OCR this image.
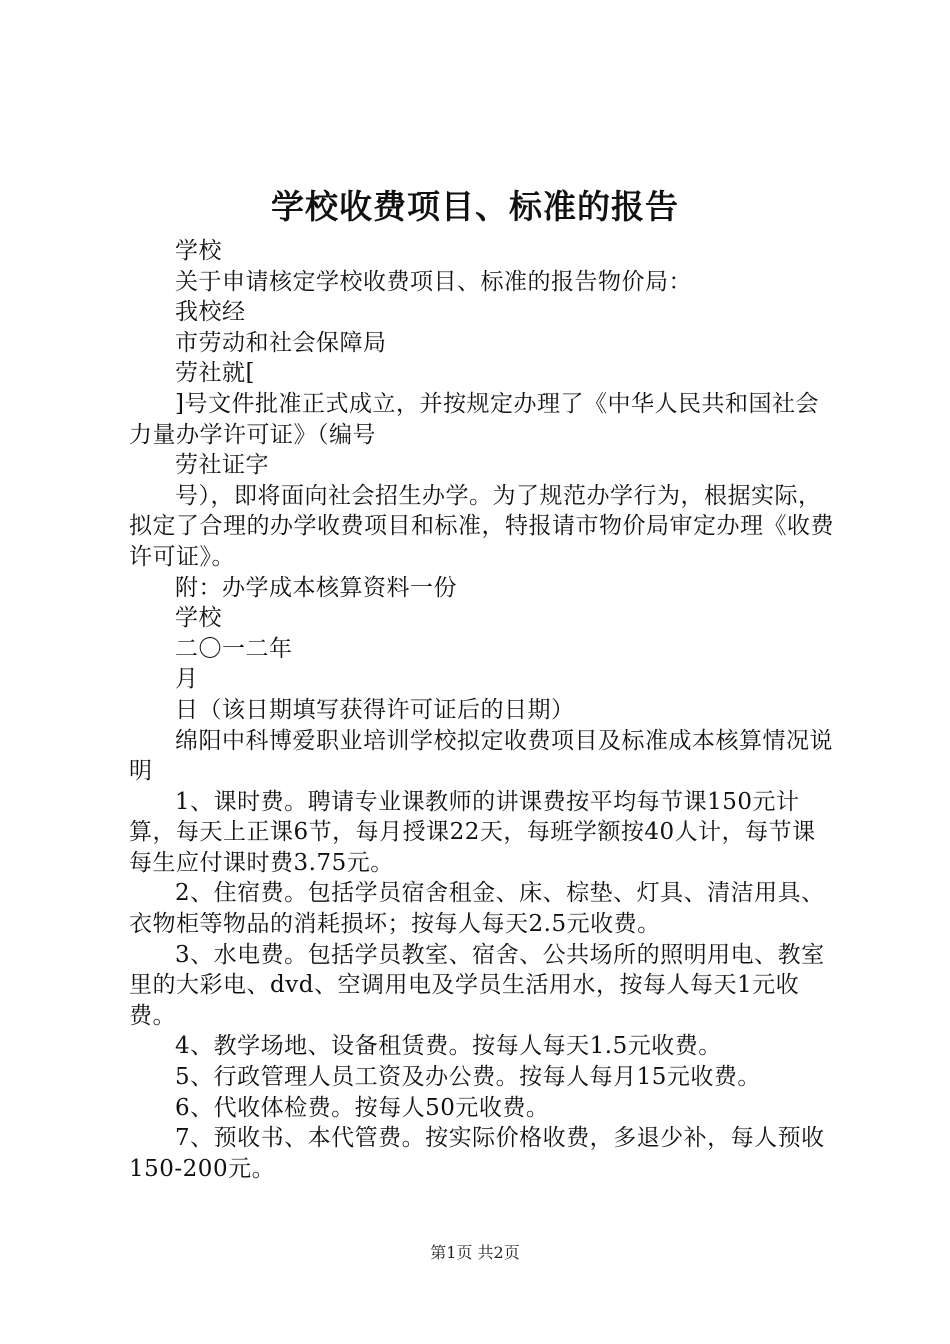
学校收费项目、标准的报告

学校

关于申请核定学校收费项目、标准的报告物价局：

我校经

市劳动和社会保障局

劳社就[

]号文件批准正式成立，并按规定办理了《中华人民共和国社会力量办学许可证》（编号

劳社证字

号），即将面向社会招生办学。为了规范办学行为，根据实际，拟定了合理的办学收费项目和标准，特报请市物价局审定办理《收费许可证》。

附：办学成本核算资料一份

学校

二〇一二年

月

日（该日期填写获得许可证后的日期）

绵阳中科博爱职业培训学校拟定收费项目及标准成本核算情况说明

1、课时费。聘请专业课教师的讲课费按平均每节课150元计算，每天上正课6节，每月授课22天，每班学额按40人计，每节课每生应付课时费3.75元。

2、住宿费。包括学员宿舍租金、床、棕垫、灯具、清洁用具、衣物柜等物品的消耗损坏；按每人每天2.5元收费。

3、水电费。包括学员教室、宿舍、公共场所的照明用电、教室里的大彩电、dvd、空调用电及学员生活用水，按每人每天1元收费。

4、教学场地、设备租赁费。按每人每天1.5元收费。

5、行政管理人员工资及办公费。按每人每月15元收费。

6、代收体检费。按每人50元收费。

7、预收书、本代管费。按实际价格收费，多退少补，每人预收150-200元。

第1页 共2页
